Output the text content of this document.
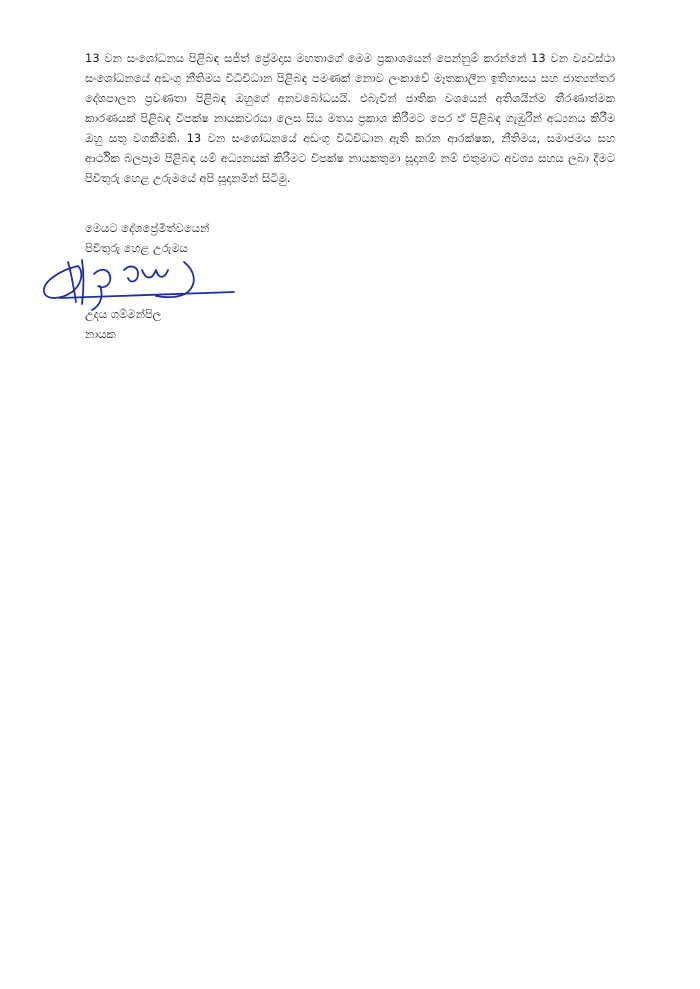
13 වන සංශෝධනය පිළිබඳ සජිත් ප්‍රේමදාස මහතාගේ මෙම ප්‍රකාශයෙන් පෙන්නුම් කරන්නේ 13 වන ව්‍යවස්ථා සංශෝධනයේ අඩංගු නීතිමය විධිවිධාන පිළිබඳ පමණක් නොව ලංකාවේ මෑතකාලීන ඉතිහාසය සහ ජාත්‍යන්තර දේශපාලන ප්‍රවණතා පිළිබඳ ඔහුගේ අනවබෝධයයි. එබැවින් ජාතික වශයෙන් අතිශයින්ම තීරණාත්මක කාරණයක් පිළිබඳ විපක්ෂ නායකවරයා ලෙස සිය මතය ප්‍රකාශ කිරීමට පෙර ඒ පිළිබඳ ගැඹුරින් අධ්‍යනය කිරීම ඔහු සතු වගකීමකි. 13 වන සංශෝධනයේ අඩංගු විධිවිධාන ඇති කරන ආරක්ෂක, නීතිමය, සමාජමය සහ ආර්ථික බලපෑම පිළිබඳ යම් අධ්‍යනයක් කිරීමට විපක්ෂ නායකතුමා සූදානම් නම් එතුමාට අවශ්‍ය සහය ලබා දීමට පිවිතුරු හෙළ උරුමයේ අපි සූදානමින් සිටිමු.

මෙයට දේශප්‍රේමීත්වයෙන්
පිවිතුරු හෙළ උරුමය
උදය ගම්මන්පිල
නායක
